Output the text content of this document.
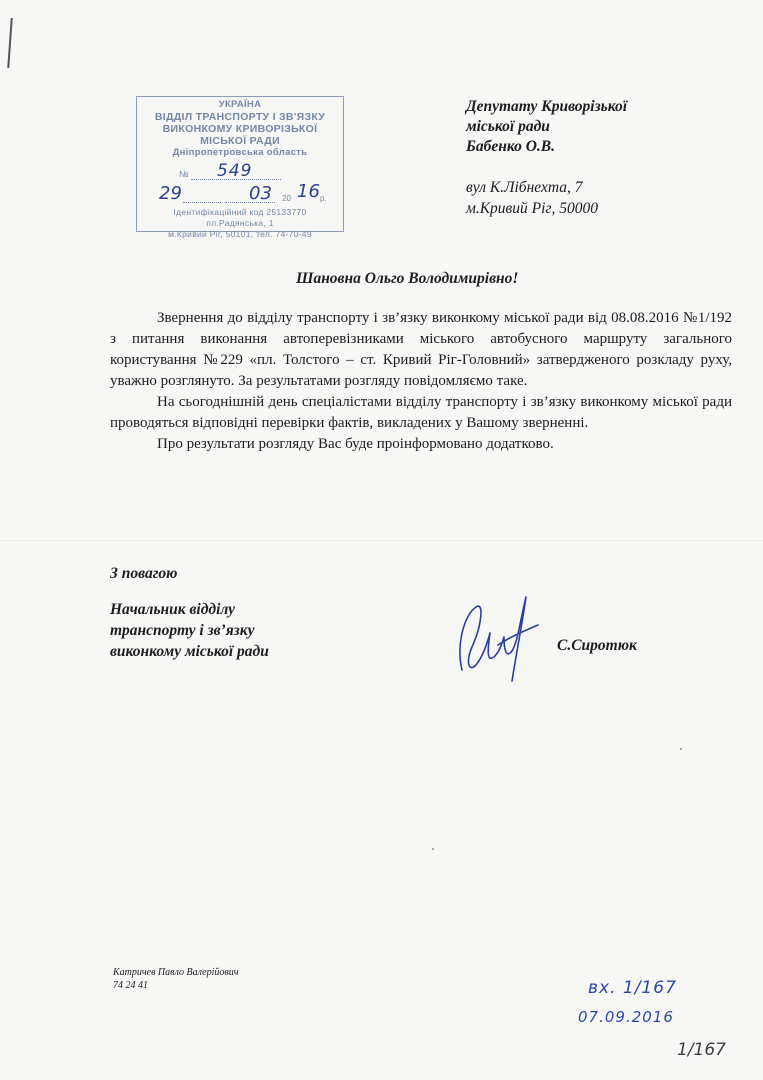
УКРАЇНА
ВІДДІЛ ТРАНСПОРТУ І ЗВ'ЯЗКУ
ВИКОНКОМУ КРИВОРІЗЬКОЇ
МІСЬКОЇ РАДИ
Дніпропетровська область
№ 549
29	03 20 16 р.
Ідентифікаційний код 25133770
пл.Радянська, 1
м.Кривий Ріг, 50101, тел. 74-70-49
Депутату Криворізької
міської ради
Бабенко О.В.
вул К.Лібнехта, 7
м.Кривий Ріг, 50000
Шановна Ольго Володимирівно!

Звернення до відділу транспорту і зв’язку виконкому міської ради від 08.08.2016 №1/192 з питання виконання автоперевізниками міського автобусного маршруту загального користування №229 «пл. Толстого – ст. Кривий Ріг-Головний» затвердженого розкладу руху, уважно розглянуто. За результатами розгляду повідомляємо таке.

На сьогоднішній день спеціалістами відділу транспорту і зв’язку виконкому міської ради проводяться відповідні перевірки фактів, викладених у Вашому зверненні.

Про результати розгляду Вас буде проінформовано додатково.

З повагою
Начальник відділу
транспорту і зв’язку
виконкому міської ради	С.Сиротюк
Катричев Павло Валерійович
74 24 41	вх. 1/167
07.09.2016
1/167
